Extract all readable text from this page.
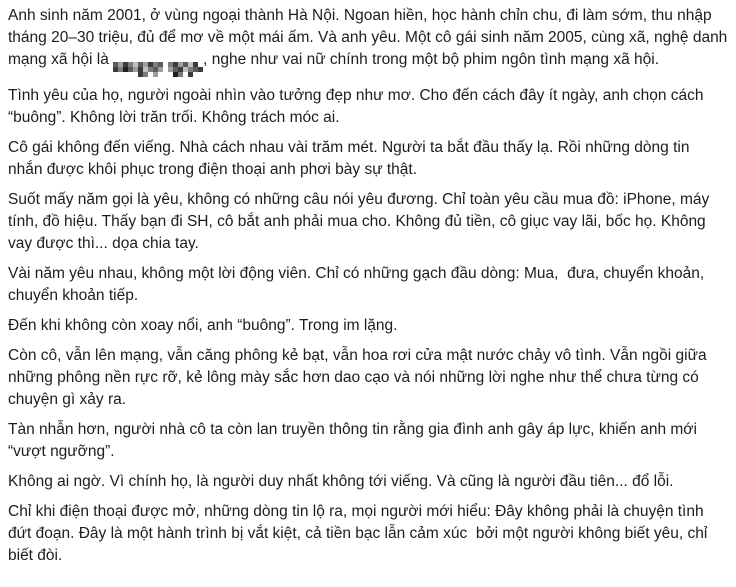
Anh sinh năm 2001, ở vùng ngoại thành Hà Nội. Ngoan hiền, học hành chỉn chu, đi làm sớm, thu nhập tháng 20–30 triệu, đủ để mơ về một mái ấm. Và anh yêu. Một cô gái sinh năm 2005, cùng xã, nghệ danh mạng xã hội là	, nghe như vai nữ chính trong một bộ phim ngôn tình mạng xã hội.

Tình yêu của họ, người ngoài nhìn vào tưởng đẹp như mơ. Cho đến cách đây ít ngày, anh chọn cách “buông”. Không lời trăn trối. Không trách móc ai.

Cô gái không đến viếng. Nhà cách nhau vài trăm mét. Người ta bắt đầu thấy lạ. Rồi những dòng tin nhắn được khôi phục trong điện thoại anh phơi bày sự thật.

Suốt mấy năm gọi là yêu, không có những câu nói yêu đương. Chỉ toàn yêu cầu mua đồ: iPhone, máy tính, đồ hiệu. Thấy bạn đi SH, cô bắt anh phải mua cho. Không đủ tiền, cô giục vay lãi, bốc họ. Không vay được thì... dọa chia tay.

Vài năm yêu nhau, không một lời động viên. Chỉ có những gạch đầu dòng: Mua,  đưa, chuyển khoản, chuyển khoản tiếp.

Đến khi không còn xoay nổi, anh “buông”. Trong im lặng.

Còn cô, vẫn lên mạng, vẫn căng phông kẻ bạt, vẫn hoa rơi cửa mật nước chảy vô tình. Vẫn ngồi giữa những phông nền rực rỡ, kẻ lông mày sắc hơn dao cạo và nói những lời nghe như thể chưa từng có chuyện gì xảy ra.

Tàn nhẫn hơn, người nhà cô ta còn lan truyền thông tin rằng gia đình anh gây áp lực, khiến anh mới “vượt ngưỡng”.

Không ai ngờ. Vì chính họ, là người duy nhất không tới viếng. Và cũng là người đầu tiên... đổ lỗi.

Chỉ khi điện thoại được mở, những dòng tin lộ ra, mọi người mới hiểu: Đây không phải là chuyện tình đứt đoạn. Đây là một hành trình bị vắt kiệt, cả tiền bạc lẫn cảm xúc  bởi một người không biết yêu, chỉ biết đòi.
